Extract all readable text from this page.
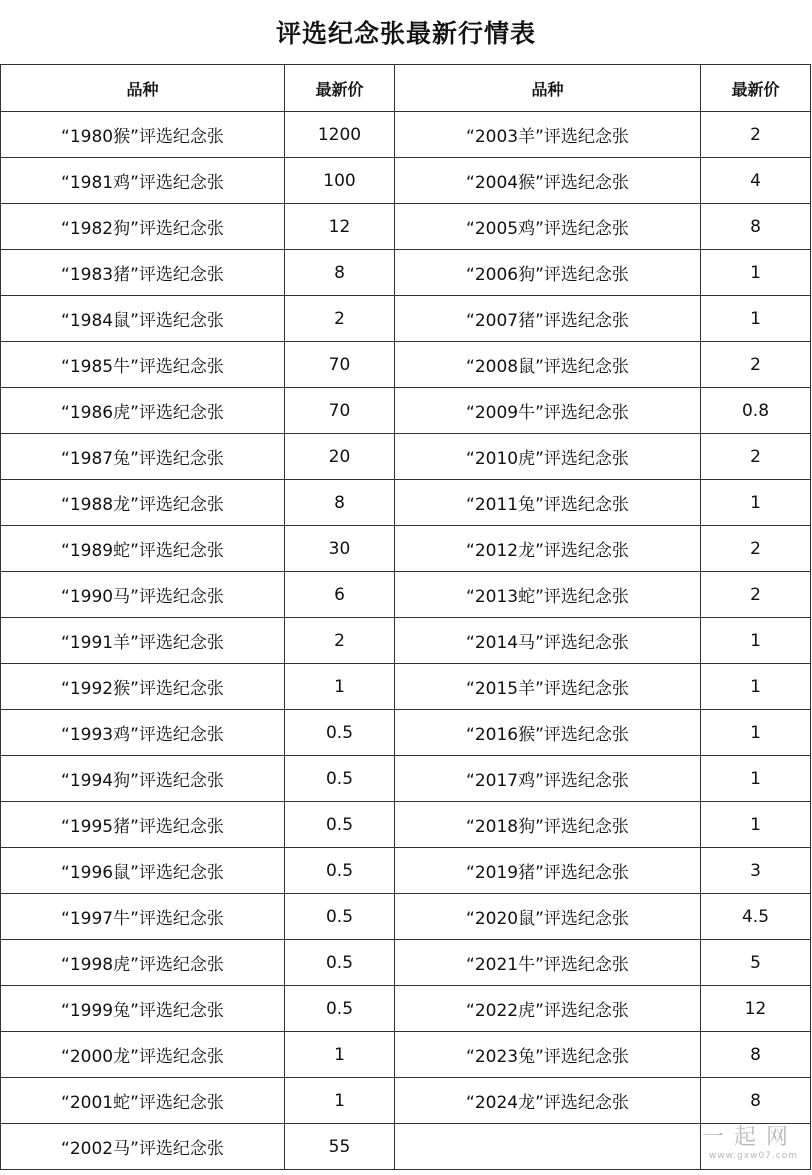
评选纪念张最新行情表
品种	最新价	品种	最新价
“1980猴”评选纪念张	1200	“2003羊”评选纪念张	2
“1981鸡”评选纪念张	100	“2004猴”评选纪念张	4
“1982狗”评选纪念张	12	“2005鸡”评选纪念张	8
“1983猪”评选纪念张	8	“2006狗”评选纪念张	1
“1984鼠”评选纪念张	2	“2007猪”评选纪念张	1
“1985牛”评选纪念张	70	“2008鼠”评选纪念张	2
“1986虎”评选纪念张	70	“2009牛”评选纪念张	0.8
“1987兔”评选纪念张	20	“2010虎”评选纪念张	2
“1988龙”评选纪念张	8	“2011兔”评选纪念张	1
“1989蛇”评选纪念张	30	“2012龙”评选纪念张	2
“1990马”评选纪念张	6	“2013蛇”评选纪念张	2
“1991羊”评选纪念张	2	“2014马”评选纪念张	1
“1992猴”评选纪念张	1	“2015羊”评选纪念张	1
“1993鸡”评选纪念张	0.5	“2016猴”评选纪念张	1
“1994狗”评选纪念张	0.5	“2017鸡”评选纪念张	1
“1995猪”评选纪念张	0.5	“2018狗”评选纪念张	1
“1996鼠”评选纪念张	0.5	“2019猪”评选纪念张	3
“1997牛”评选纪念张	0.5	“2020鼠”评选纪念张	4.5
“1998虎”评选纪念张	0.5	“2021牛”评选纪念张	5
“1999兔”评选纪念张	0.5	“2022虎”评选纪念张	12
“2000龙”评选纪念张	1	“2023兔”评选纪念张	8
“2001蛇”评选纪念张	1	“2024龙”评选纪念张	8
“2002马”评选纪念张	55			一起网
www.gxw07.com
